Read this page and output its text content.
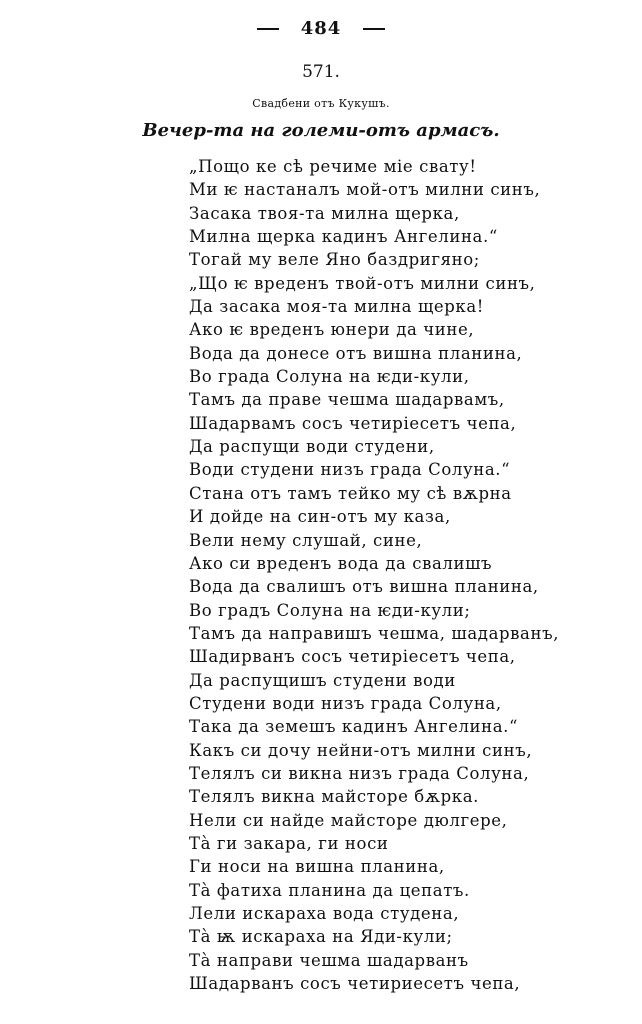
484
571.
Свадбени отъ Кукушъ.
Вечер-та на големи-отъ армасъ.
„Пощо ке сѣ речиме міе свату!
Ми ѥ настаналъ мой-отъ милни синъ,
Засака твоя-та милна щерка,
Милна щерка кадинъ Ангелина.“
Тогай му веле Яно баздригяно;
„Що ѥ вреденъ твой-отъ милни синъ,
Да засака моя-та милна щерка!
Ако ѥ вреденъ юнери да чине,
Вода да донесе отъ вишна планина,
Во града Солуна на ѥди-кули,
Тамъ да праве чешма шадарвамъ,
Шадарвамъ сосъ четиріесетъ чепа,
Да распущи води студени,
Води студени низъ града Солуна.“
Стана отъ тамъ тейко му сѣ вѫрна
И дойде на син-отъ му каза,
Вели нему слушай, сине,
Ако си вреденъ вода да свалишъ
Вода да свалишъ отъ вишна планина,
Во градъ Солуна на ѥди-кули;
Тамъ да направишъ чешма, шадарванъ,
Шадирванъ сосъ четиріесетъ чепа,
Да распущишъ студени води
Студени води низъ града Солуна,
Така да земешъ кадинъ Ангелина.“
Какъ си дочу нейни-отъ милни синъ,
Телялъ си викна низъ града Солуна,
Телялъ викна майсторе бѫрка.
Нели си найде майсторе дюлгере,
Тà ги закара, ги носи
Ги носи на вишна планина,
Тà фатиха планина да цепатъ.
Лели искараха вода студена,
Тà ѭ искараха на Яди-кули;
Тà направи чешма шадарванъ
Шадарванъ сосъ четириесетъ чепа,
